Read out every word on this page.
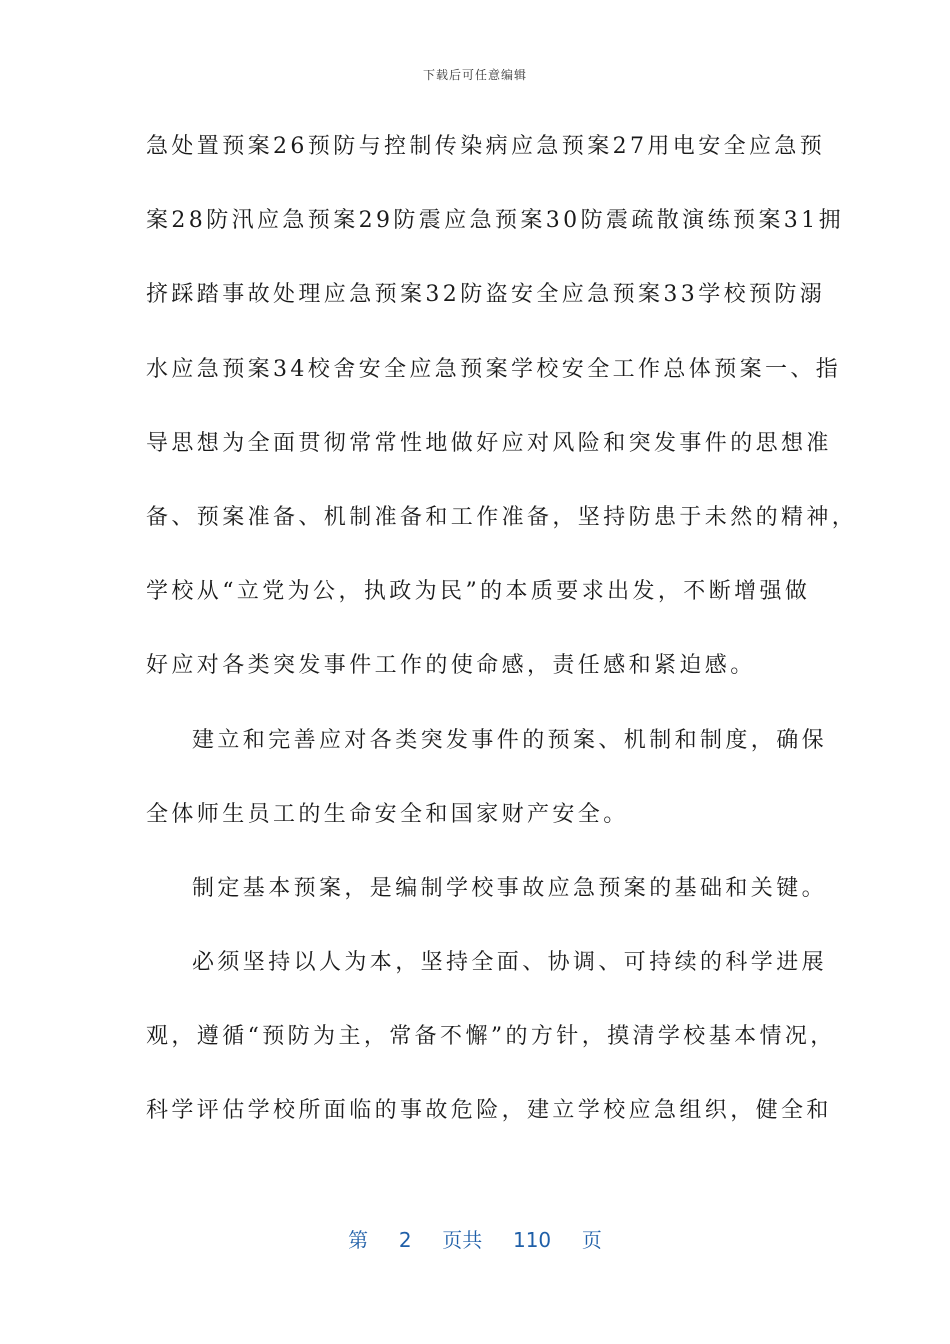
下载后可任意编辑
急处置预案26预防与控制传染病应急预案27用电安全应急预
案28防汛应急预案29防震应急预案30防震疏散演练预案31拥
挤踩踏事故处理应急预案32防盗安全应急预案33学校预防溺
水应急预案34校舍安全应急预案学校安全工作总体预案一、指
导思想为全面贯彻常常性地做好应对风险和突发事件的思想准
备、预案准备、机制准备和工作准备，坚持防患于未然的精神，
学校从“立党为公，执政为民”的本质要求出发，不断增强做
好应对各类突发事件工作的使命感，责任感和紧迫感。
建立和完善应对各类突发事件的预案、机制和制度，确保
全体师生员工的生命安全和国家财产安全。
制定基本预案，是编制学校事故应急预案的基础和关键。
必须坚持以人为本，坚持全面、协调、可持续的科学进展
观，遵循“预防为主，常备不懈”的方针，摸清学校基本情况，
科学评估学校所面临的事故危险，建立学校应急组织，健全和
第 2 页共 110 页
